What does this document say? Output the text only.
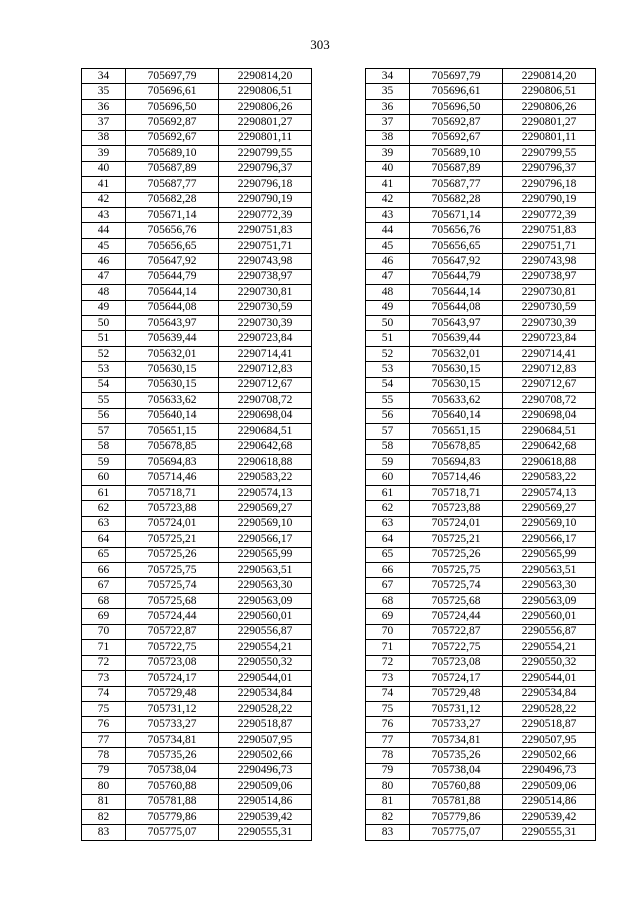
303
34	705697,79	2290814,20		34	705697,79	2290814,20
35	705696,61	2290806,51		35	705696,61	2290806,51
36	705696,50	2290806,26		36	705696,50	2290806,26
37	705692,87	2290801,27		37	705692,87	2290801,27
38	705692,67	2290801,11		38	705692,67	2290801,11
39	705689,10	2290799,55		39	705689,10	2290799,55
40	705687,89	2290796,37		40	705687,89	2290796,37
41	705687,77	2290796,18		41	705687,77	2290796,18
42	705682,28	2290790,19		42	705682,28	2290790,19
43	705671,14	2290772,39		43	705671,14	2290772,39
44	705656,76	2290751,83		44	705656,76	2290751,83
45	705656,65	2290751,71		45	705656,65	2290751,71
46	705647,92	2290743,98		46	705647,92	2290743,98
47	705644,79	2290738,97		47	705644,79	2290738,97
48	705644,14	2290730,81		48	705644,14	2290730,81
49	705644,08	2290730,59		49	705644,08	2290730,59
50	705643,97	2290730,39		50	705643,97	2290730,39
51	705639,44	2290723,84		51	705639,44	2290723,84
52	705632,01	2290714,41		52	705632,01	2290714,41
53	705630,15	2290712,83		53	705630,15	2290712,83
54	705630,15	2290712,67		54	705630,15	2290712,67
55	705633,62	2290708,72		55	705633,62	2290708,72
56	705640,14	2290698,04		56	705640,14	2290698,04
57	705651,15	2290684,51		57	705651,15	2290684,51
58	705678,85	2290642,68		58	705678,85	2290642,68
59	705694,83	2290618,88		59	705694,83	2290618,88
60	705714,46	2290583,22		60	705714,46	2290583,22
61	705718,71	2290574,13		61	705718,71	2290574,13
62	705723,88	2290569,27		62	705723,88	2290569,27
63	705724,01	2290569,10		63	705724,01	2290569,10
64	705725,21	2290566,17		64	705725,21	2290566,17
65	705725,26	2290565,99		65	705725,26	2290565,99
66	705725,75	2290563,51		66	705725,75	2290563,51
67	705725,74	2290563,30		67	705725,74	2290563,30
68	705725,68	2290563,09		68	705725,68	2290563,09
69	705724,44	2290560,01		69	705724,44	2290560,01
70	705722,87	2290556,87		70	705722,87	2290556,87
71	705722,75	2290554,21		71	705722,75	2290554,21
72	705723,08	2290550,32		72	705723,08	2290550,32
73	705724,17	2290544,01		73	705724,17	2290544,01
74	705729,48	2290534,84		74	705729,48	2290534,84
75	705731,12	2290528,22		75	705731,12	2290528,22
76	705733,27	2290518,87		76	705733,27	2290518,87
77	705734,81	2290507,95		77	705734,81	2290507,95
78	705735,26	2290502,66		78	705735,26	2290502,66
79	705738,04	2290496,73		79	705738,04	2290496,73
80	705760,88	2290509,06		80	705760,88	2290509,06
81	705781,88	2290514,86		81	705781,88	2290514,86
82	705779,86	2290539,42		82	705779,86	2290539,42
83	705775,07	2290555,31		83	705775,07	2290555,31
